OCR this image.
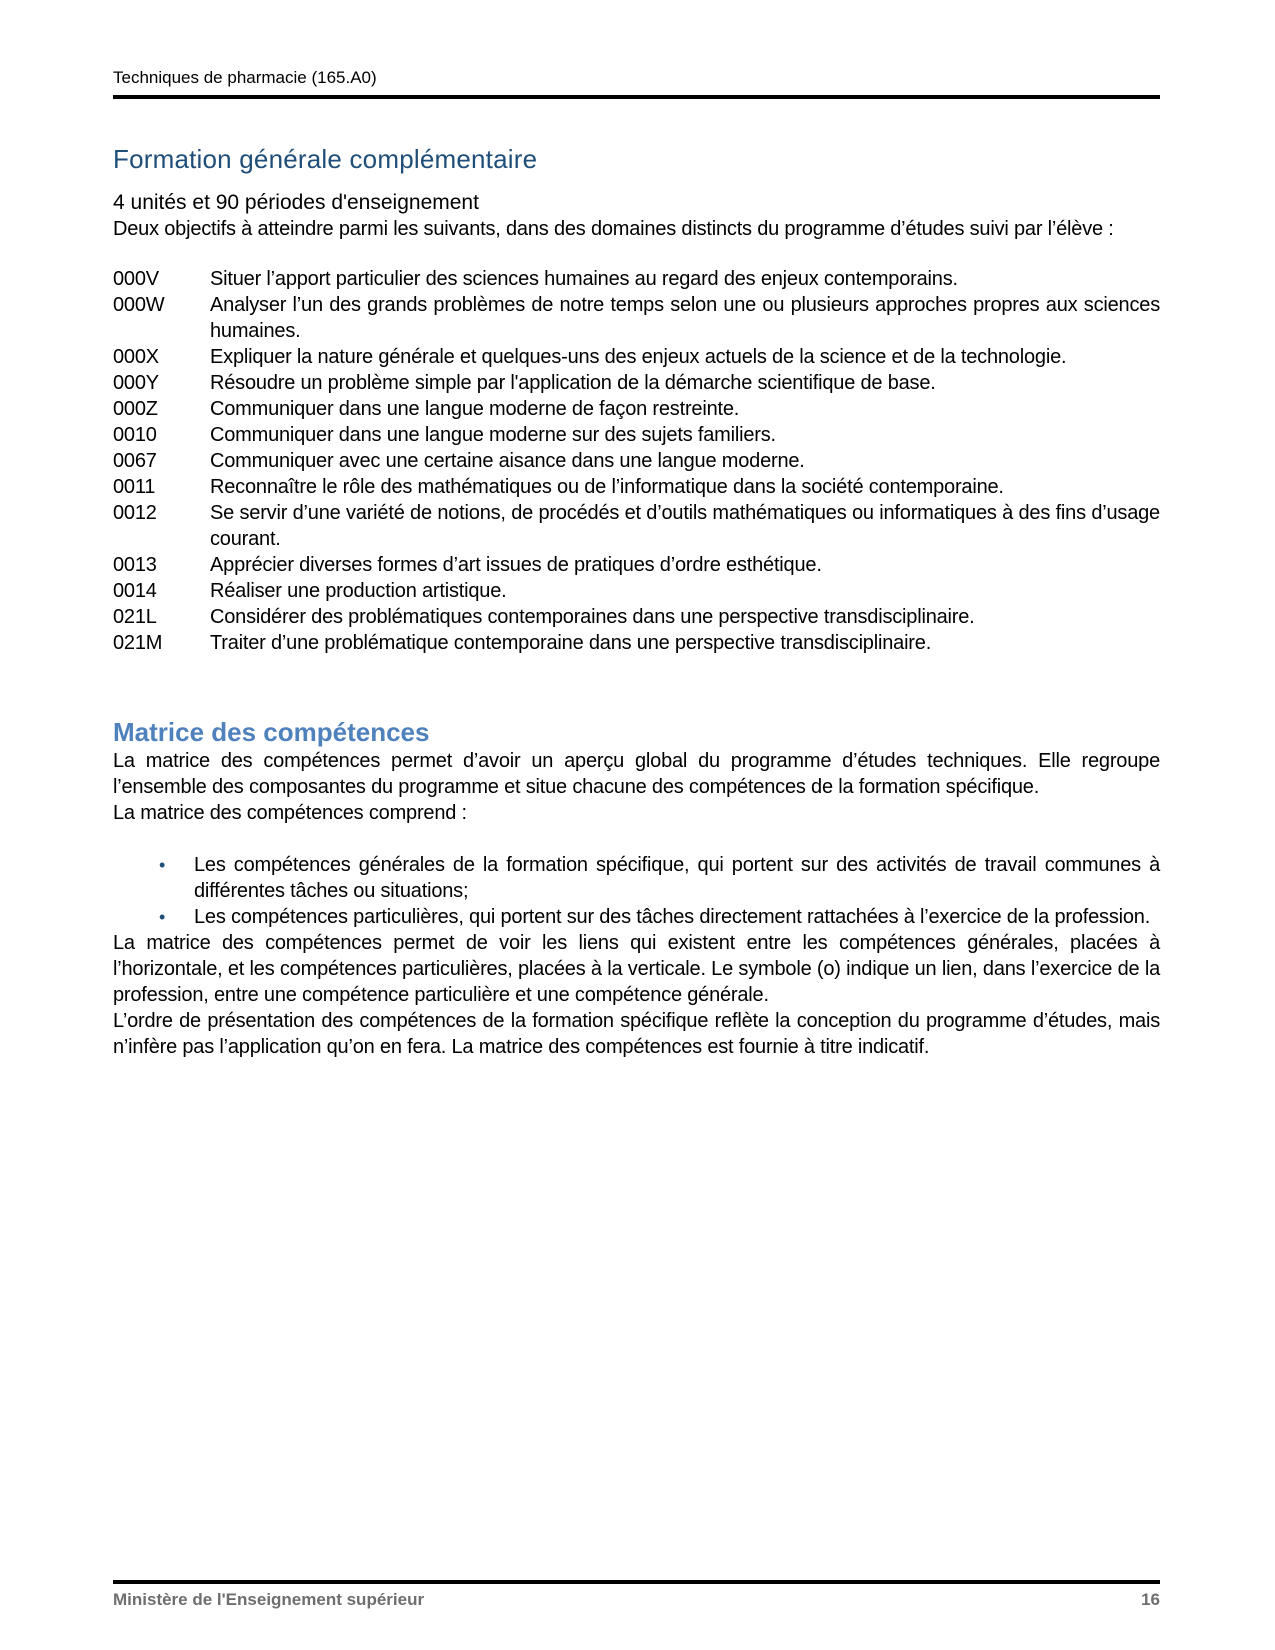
Techniques de pharmacie (165.A0)
Formation générale complémentaire
4 unités et 90 périodes d'enseignement

Deux objectifs à atteindre parmi les suivants, dans des domaines distincts du programme d’études suivi par l’élève :

000V	Situer l’apport particulier des sciences humaines au regard des enjeux contemporains.
000W	Analyser l’un des grands problèmes de notre temps selon une ou plusieurs approches propres aux sciences humaines.
000X	Expliquer la nature générale et quelques-uns des enjeux actuels de la science et de la technologie.
000Y	Résoudre un problème simple par l'application de la démarche scientifique de base.
000Z	Communiquer dans une langue moderne de façon restreinte.
0010	Communiquer dans une langue moderne sur des sujets familiers.
0067	Communiquer avec une certaine aisance dans une langue moderne.
0011	Reconnaître le rôle des mathématiques ou de l’informatique dans la société contemporaine.
0012	Se servir d’une variété de notions, de procédés et d’outils mathématiques ou informatiques à des fins d’usage courant.
0013	Apprécier diverses formes d’art issues de pratiques d’ordre esthétique.
0014	Réaliser une production artistique.
021L	Considérer des problématiques contemporaines dans une perspective transdisciplinaire.
021M	Traiter d’une problématique contemporaine dans une perspective transdisciplinaire.
Matrice des compétences

La matrice des compétences permet d’avoir un aperçu global du programme d’études techniques. Elle regroupe l’ensemble des composantes du programme et situe chacune des compétences de la formation spécifique.

La matrice des compétences comprend :

•	Les compétences générales de la formation spécifique, qui portent sur des activités de travail communes à différentes tâches ou situations;
•	Les compétences particulières, qui portent sur des tâches directement rattachées à l’exercice de la profession.

La matrice des compétences permet de voir les liens qui existent entre les compétences générales, placées à l’horizontale, et les compétences particulières, placées à la verticale. Le symbole (o) indique un lien, dans l’exercice de la profession, entre une compétence particulière et une compétence générale.

L’ordre de présentation des compétences de la formation spécifique reflète la conception du programme d’études, mais n’infère pas l’application qu’on en fera. La matrice des compétences est fournie à titre indicatif.

Ministère de l'Enseignement supérieur	16
